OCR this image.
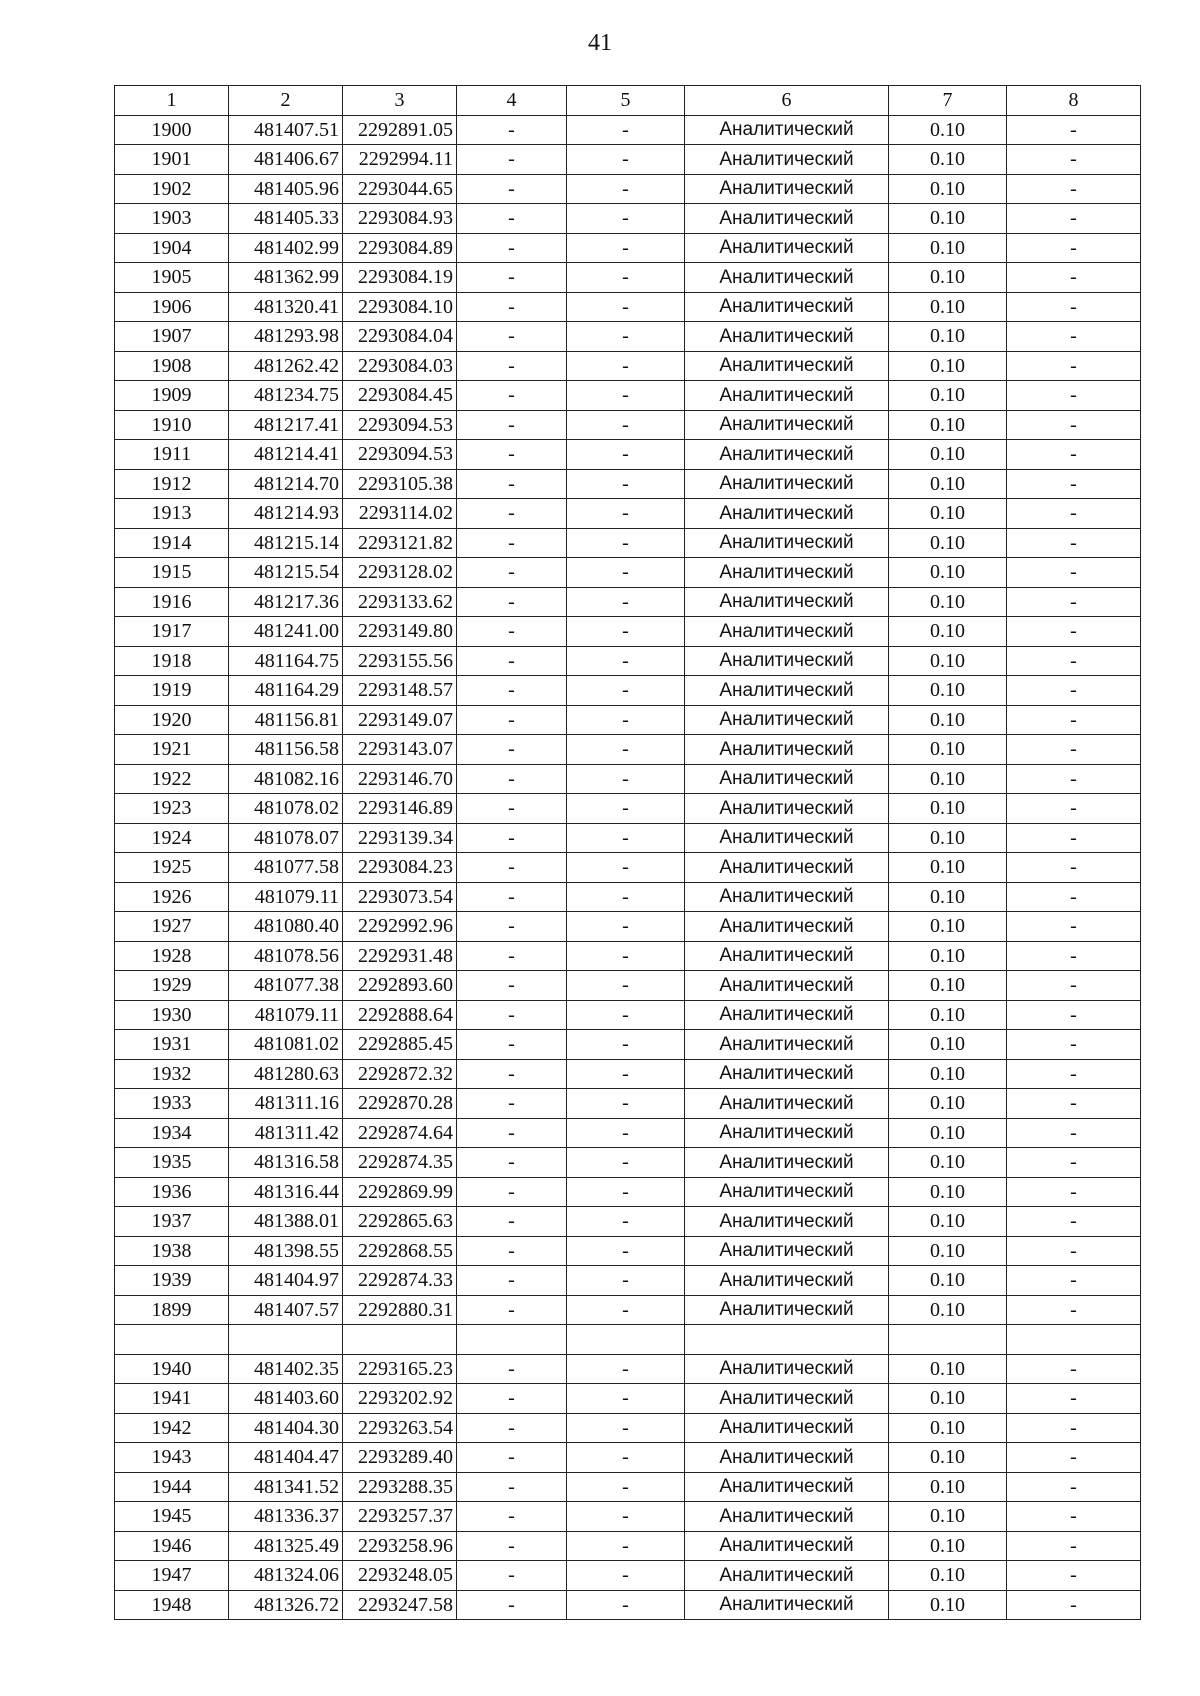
41
1	2	3	4	5	6	7	8
1900	481407.51	2292891.05	-	-	Аналитический	0.10	-
1901	481406.67	2292994.11	-	-	Аналитический	0.10	-
1902	481405.96	2293044.65	-	-	Аналитический	0.10	-
1903	481405.33	2293084.93	-	-	Аналитический	0.10	-
1904	481402.99	2293084.89	-	-	Аналитический	0.10	-
1905	481362.99	2293084.19	-	-	Аналитический	0.10	-
1906	481320.41	2293084.10	-	-	Аналитический	0.10	-
1907	481293.98	2293084.04	-	-	Аналитический	0.10	-
1908	481262.42	2293084.03	-	-	Аналитический	0.10	-
1909	481234.75	2293084.45	-	-	Аналитический	0.10	-
1910	481217.41	2293094.53	-	-	Аналитический	0.10	-
1911	481214.41	2293094.53	-	-	Аналитический	0.10	-
1912	481214.70	2293105.38	-	-	Аналитический	0.10	-
1913	481214.93	2293114.02	-	-	Аналитический	0.10	-
1914	481215.14	2293121.82	-	-	Аналитический	0.10	-
1915	481215.54	2293128.02	-	-	Аналитический	0.10	-
1916	481217.36	2293133.62	-	-	Аналитический	0.10	-
1917	481241.00	2293149.80	-	-	Аналитический	0.10	-
1918	481164.75	2293155.56	-	-	Аналитический	0.10	-
1919	481164.29	2293148.57	-	-	Аналитический	0.10	-
1920	481156.81	2293149.07	-	-	Аналитический	0.10	-
1921	481156.58	2293143.07	-	-	Аналитический	0.10	-
1922	481082.16	2293146.70	-	-	Аналитический	0.10	-
1923	481078.02	2293146.89	-	-	Аналитический	0.10	-
1924	481078.07	2293139.34	-	-	Аналитический	0.10	-
1925	481077.58	2293084.23	-	-	Аналитический	0.10	-
1926	481079.11	2293073.54	-	-	Аналитический	0.10	-
1927	481080.40	2292992.96	-	-	Аналитический	0.10	-
1928	481078.56	2292931.48	-	-	Аналитический	0.10	-
1929	481077.38	2292893.60	-	-	Аналитический	0.10	-
1930	481079.11	2292888.64	-	-	Аналитический	0.10	-
1931	481081.02	2292885.45	-	-	Аналитический	0.10	-
1932	481280.63	2292872.32	-	-	Аналитический	0.10	-
1933	481311.16	2292870.28	-	-	Аналитический	0.10	-
1934	481311.42	2292874.64	-	-	Аналитический	0.10	-
1935	481316.58	2292874.35	-	-	Аналитический	0.10	-
1936	481316.44	2292869.99	-	-	Аналитический	0.10	-
1937	481388.01	2292865.63	-	-	Аналитический	0.10	-
1938	481398.55	2292868.55	-	-	Аналитический	0.10	-
1939	481404.97	2292874.33	-	-	Аналитический	0.10	-
1899	481407.57	2292880.31	-	-	Аналитический	0.10	-

1940	481402.35	2293165.23	-	-	Аналитический	0.10	-
1941	481403.60	2293202.92	-	-	Аналитический	0.10	-
1942	481404.30	2293263.54	-	-	Аналитический	0.10	-
1943	481404.47	2293289.40	-	-	Аналитический	0.10	-
1944	481341.52	2293288.35	-	-	Аналитический	0.10	-
1945	481336.37	2293257.37	-	-	Аналитический	0.10	-
1946	481325.49	2293258.96	-	-	Аналитический	0.10	-
1947	481324.06	2293248.05	-	-	Аналитический	0.10	-
1948	481326.72	2293247.58	-	-	Аналитический	0.10	-
